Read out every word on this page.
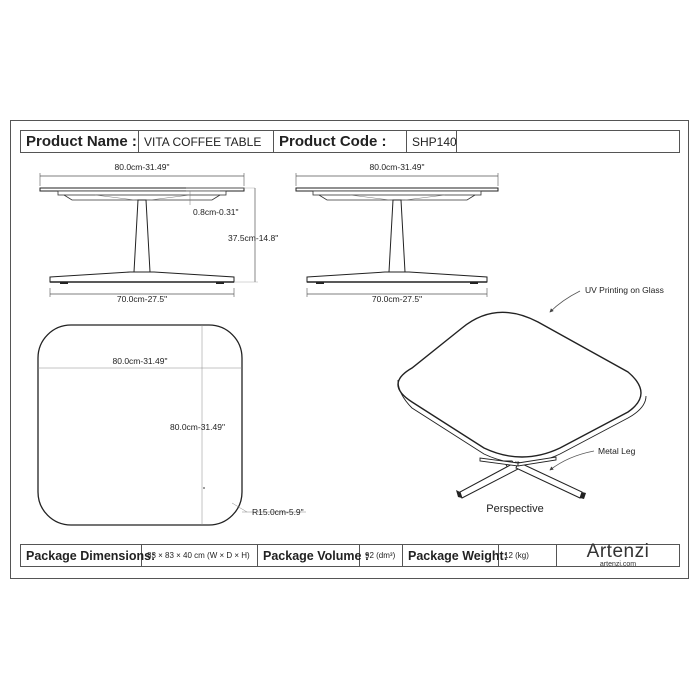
Product Name : VITA COFFEE TABLE	Product Code :	SHP140
80.0cm-31.49"
70.0cm-27.5"
0.8cm-0.31"
37.5cm-14.8"
80.0cm-31.49"
70.0cm-27.5"
80.0cm-31.49"
80.0cm-31.49"
R15.0cm-5.9"
UV Printing on Glass
Metal Leg
Perspective
Package Dimensions:
83 × 83 × 40 cm (W × D × H)	Package Volume :
92 (dm³)	Package Weight:
12 (kg)	Artenzi
artenzi.com
